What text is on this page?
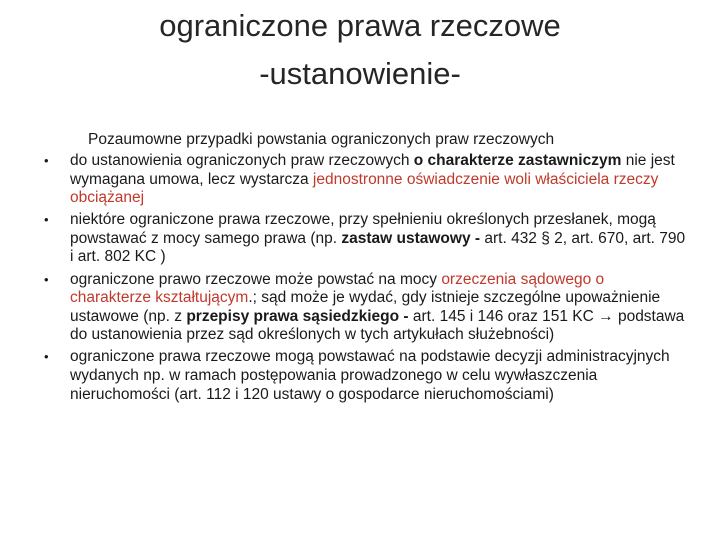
ograniczone prawa rzeczowe
-ustanowienie-
Pozaumowne przypadki powstania ograniczonych praw rzeczowych
•	do ustanowienia ograniczonych praw rzeczowych o charakterze zastawniczym nie jest wymagana umowa, lecz wystarcza jednostronne oświadczenie woli właściciela rzeczy obciążanej
•	niektóre ograniczone prawa rzeczowe, przy spełnieniu określonych przesłanek, mogą powstawać z mocy samego prawa (np. zastaw ustawowy - art. 432 § 2, art. 670, art. 790 i art. 802 KC )
•	ograniczone prawo rzeczowe może powstać na mocy orzeczenia sądowego o charakterze kształtującym.; sąd może je wydać, gdy istnieje szczególne upoważnienie ustawowe (np. z przepisy prawa sąsiedzkiego - art. 145 i 146 oraz 151 KC → podstawa do ustanowienia przez sąd określonych w tych artykułach służebności)
•	ograniczone prawa rzeczowe mogą powstawać na podstawie decyzji administracyjnych wydanych np. w ramach postępowania prowadzonego w celu wywłaszczenia nieruchomości (art. 112 i 120 ustawy o gospodarce nieruchomościami)
